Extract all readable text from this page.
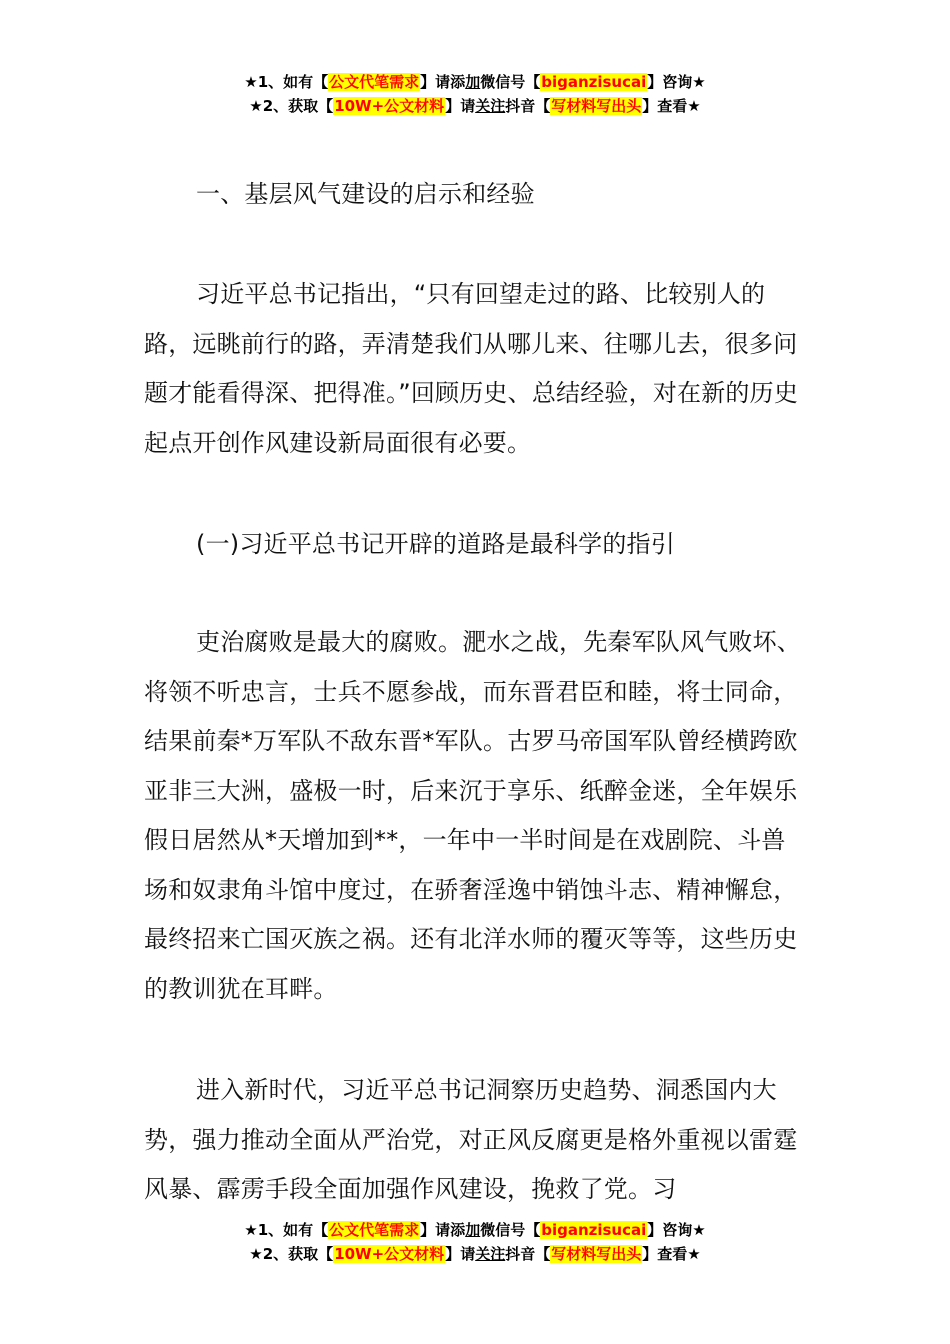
★1、如有【公文代笔需求】请添加微信号【biganzisucai】咨询★
★2、获取【10W+公文材料】请关注抖音【写材料写出头】查看★
一、基层风气建设的启示和经验
习近平总书记指出，“只有回望走过的路、比较别人的路，远眺前行的路，弄清楚我们从哪儿来、往哪儿去，很多问题才能看得深、把得准。”回顾历史、总结经验，对在新的历史起点开创作风建设新局面很有必要。
(一)习近平总书记开辟的道路是最科学的指引
吏治腐败是最大的腐败。淝水之战，先秦军队风气败坏、将领不听忠言，士兵不愿参战，而东晋君臣和睦，将士同命，结果前秦*万军队不敌东晋*军队。古罗马帝国军队曾经横跨欧亚非三大洲，盛极一时，后来沉于享乐、纸醉金迷，全年娱乐假日居然从*天增加到**，一年中一半时间是在戏剧院、斗兽场和奴隶角斗馆中度过，在骄奢淫逸中销蚀斗志、精神懈怠，最终招来亡国灭族之祸。还有北洋水师的覆灭等等，这些历史的教训犹在耳畔。
进入新时代，习近平总书记洞察历史趋势、洞悉国内大势，强力推动全面从严治党，对正风反腐更是格外重视以雷霆风暴、霹雳手段全面加强作风建设，挽救了党。习
★1、如有【公文代笔需求】请添加微信号【biganzisucai】咨询★
★2、获取【10W+公文材料】请关注抖音【写材料写出头】查看★
